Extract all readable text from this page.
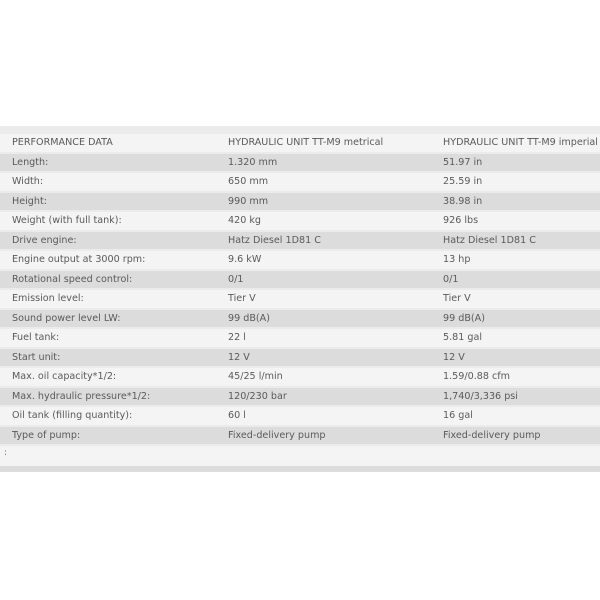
PERFORMANCE DATA	HYDRAULIC UNIT TT-M9 metrical	HYDRAULIC UNIT TT-M9 imperial
Length:	1.320 mm	51.97 in
Width:	650 mm	25.59 in
Height:	990 mm	38.98 in
Weight (with full tank):	420 kg	926 lbs
Drive engine:	Hatz Diesel 1D81 C	Hatz Diesel 1D81 C
Engine output at 3000 rpm:	9.6 kW	13 hp
Rotational speed control:	0/1	0/1
Emission level:	Tier V	Tier V
Sound power level LW:	99 dB(A)	99 dB(A)
Fuel tank:	22 l	5.81 gal
Start unit:	12 V	12 V
Max. oil capacity*1/2:	45/25 l/min	1.59/0.88 cfm
Max. hydraulic pressure*1/2:	120/230 bar	1,740/3,336 psi
Oil tank (filling quantity):	60 l	16 gal
Type of pump:	Fixed-delivery pump	Fixed-delivery pump
:
